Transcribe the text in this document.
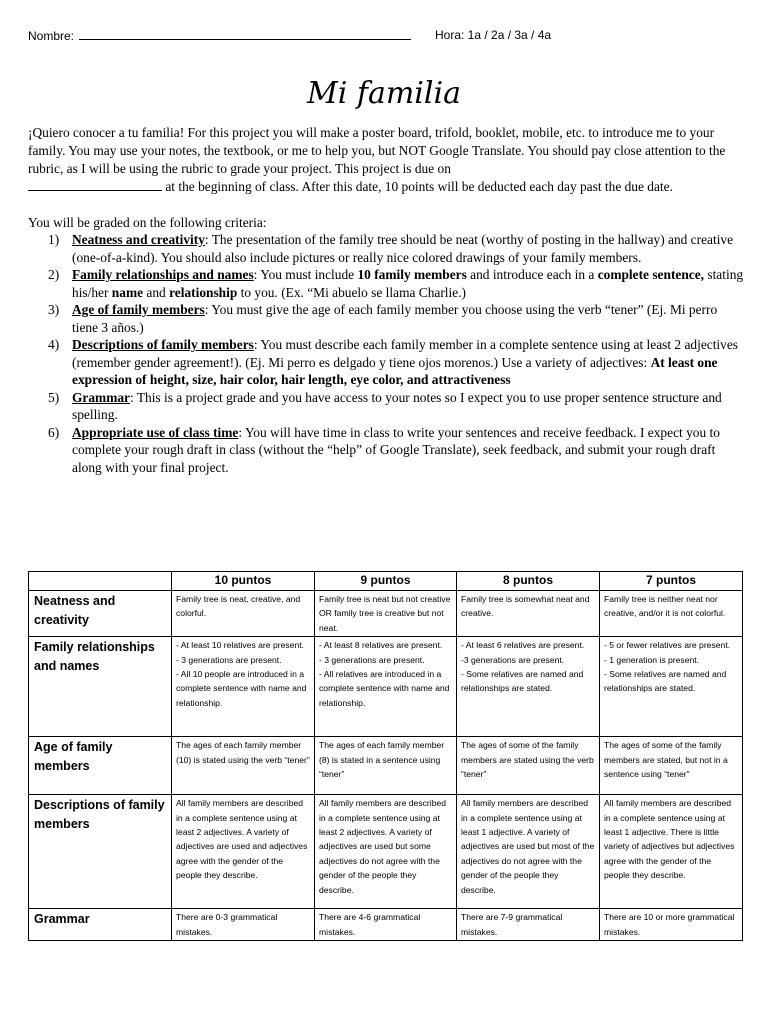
Nombre:	Hora: 1a / 2a / 3a / 4a
Mi familia
¡Quiero conocer a tu familia! For this project you will make a poster board, trifold, booklet, mobile, etc. to introduce me to your family. You may use your notes, the textbook, or me to help you, but NOT Google Translate. You should pay close attention to the rubric, as I will be using the rubric to grade your project. This project is due on
at the beginning of class. After this date, 10 points will be deducted each day past the due date.
You will be graded on the following criteria:
1) Neatness and creativity: The presentation of the family tree should be neat (worthy of posting in the hallway) and creative (one-of-a-kind). You should also include pictures or really nice colored drawings of your family members.
2) Family relationships and names: You must include 10 family members and introduce each in a complete sentence, stating his/her name and relationship to you. (Ex. “Mi abuelo se llama Charlie.)
3) Age of family members: You must give the age of each family member you choose using the verb “tener” (Ej. Mi perro tiene 3 años.)
4) Descriptions of family members: You must describe each family member in a complete sentence using at least 2 adjectives (remember gender agreement!). (Ej. Mi perro es delgado y tiene ojos morenos.) Use a variety of adjectives: At least one expression of height, size, hair color, hair length, eye color, and attractiveness
5) Grammar: This is a project grade and you have access to your notes so I expect you to use proper sentence structure and spelling.
6) Appropriate use of class time: You will have time in class to write your sentences and receive feedback. I expect you to complete your rough draft in class (without the “help” of Google Translate), seek feedback, and submit your rough draft along with your final project.
	10 puntos	9 puntos	8 puntos	7 puntos
Neatness and creativity	Family tree is neat, creative, and colorful.	Family tree is neat but not creative OR family tree is creative but not neat.	Family tree is somewhat neat and creative.	Family tree is neither neat nor creative, and/or it is not colorful.
Family relationships and names	- At least 10 relatives are present.
- 3 generations are present.
- All 10 people are introduced in a complete sentence with name and relationship.	- At least 8 relatives are present.
- 3 generations are present.
- All relatives are introduced in a complete sentence with name and relationship.	- At least 6 relatives are present.
-3 generations are present.
- Some relatives are named and relationships are stated.	- 5 or fewer relatives are present.
- 1 generation is present.
- Some relatives are named and relationships are stated.
Age of family members	The ages of each family member (10) is stated using the verb “tener”	The ages of each family member (8) is stated in a sentence using “tener”	The ages of some of the family members are stated using the verb “tener”	The ages of some of the family members are stated, but not in a sentence using “tener”
Descriptions of family members	All family members are described in a complete sentence using at least 2 adjectives. A variety of adjectives are used and adjectives agree with the gender of the people they describe.	All family members are described in a complete sentence using at least 2 adjectives. A variety of adjectives are used but some adjectives do not agree with the gender of the people they describe.	All family members are described in a complete sentence using at least 1 adjective. A variety of adjectives are used but most of the adjectives do not agree with the gender of the people they describe.	All family members are described in a complete sentence using at least 1 adjective. There is little variety of adjectives but adjectives agree with the gender of the people they describe.
Grammar	There are 0-3 grammatical mistakes.	There are 4-6 grammatical mistakes.	There are 7-9 grammatical mistakes.	There are 10 or more grammatical mistakes.
